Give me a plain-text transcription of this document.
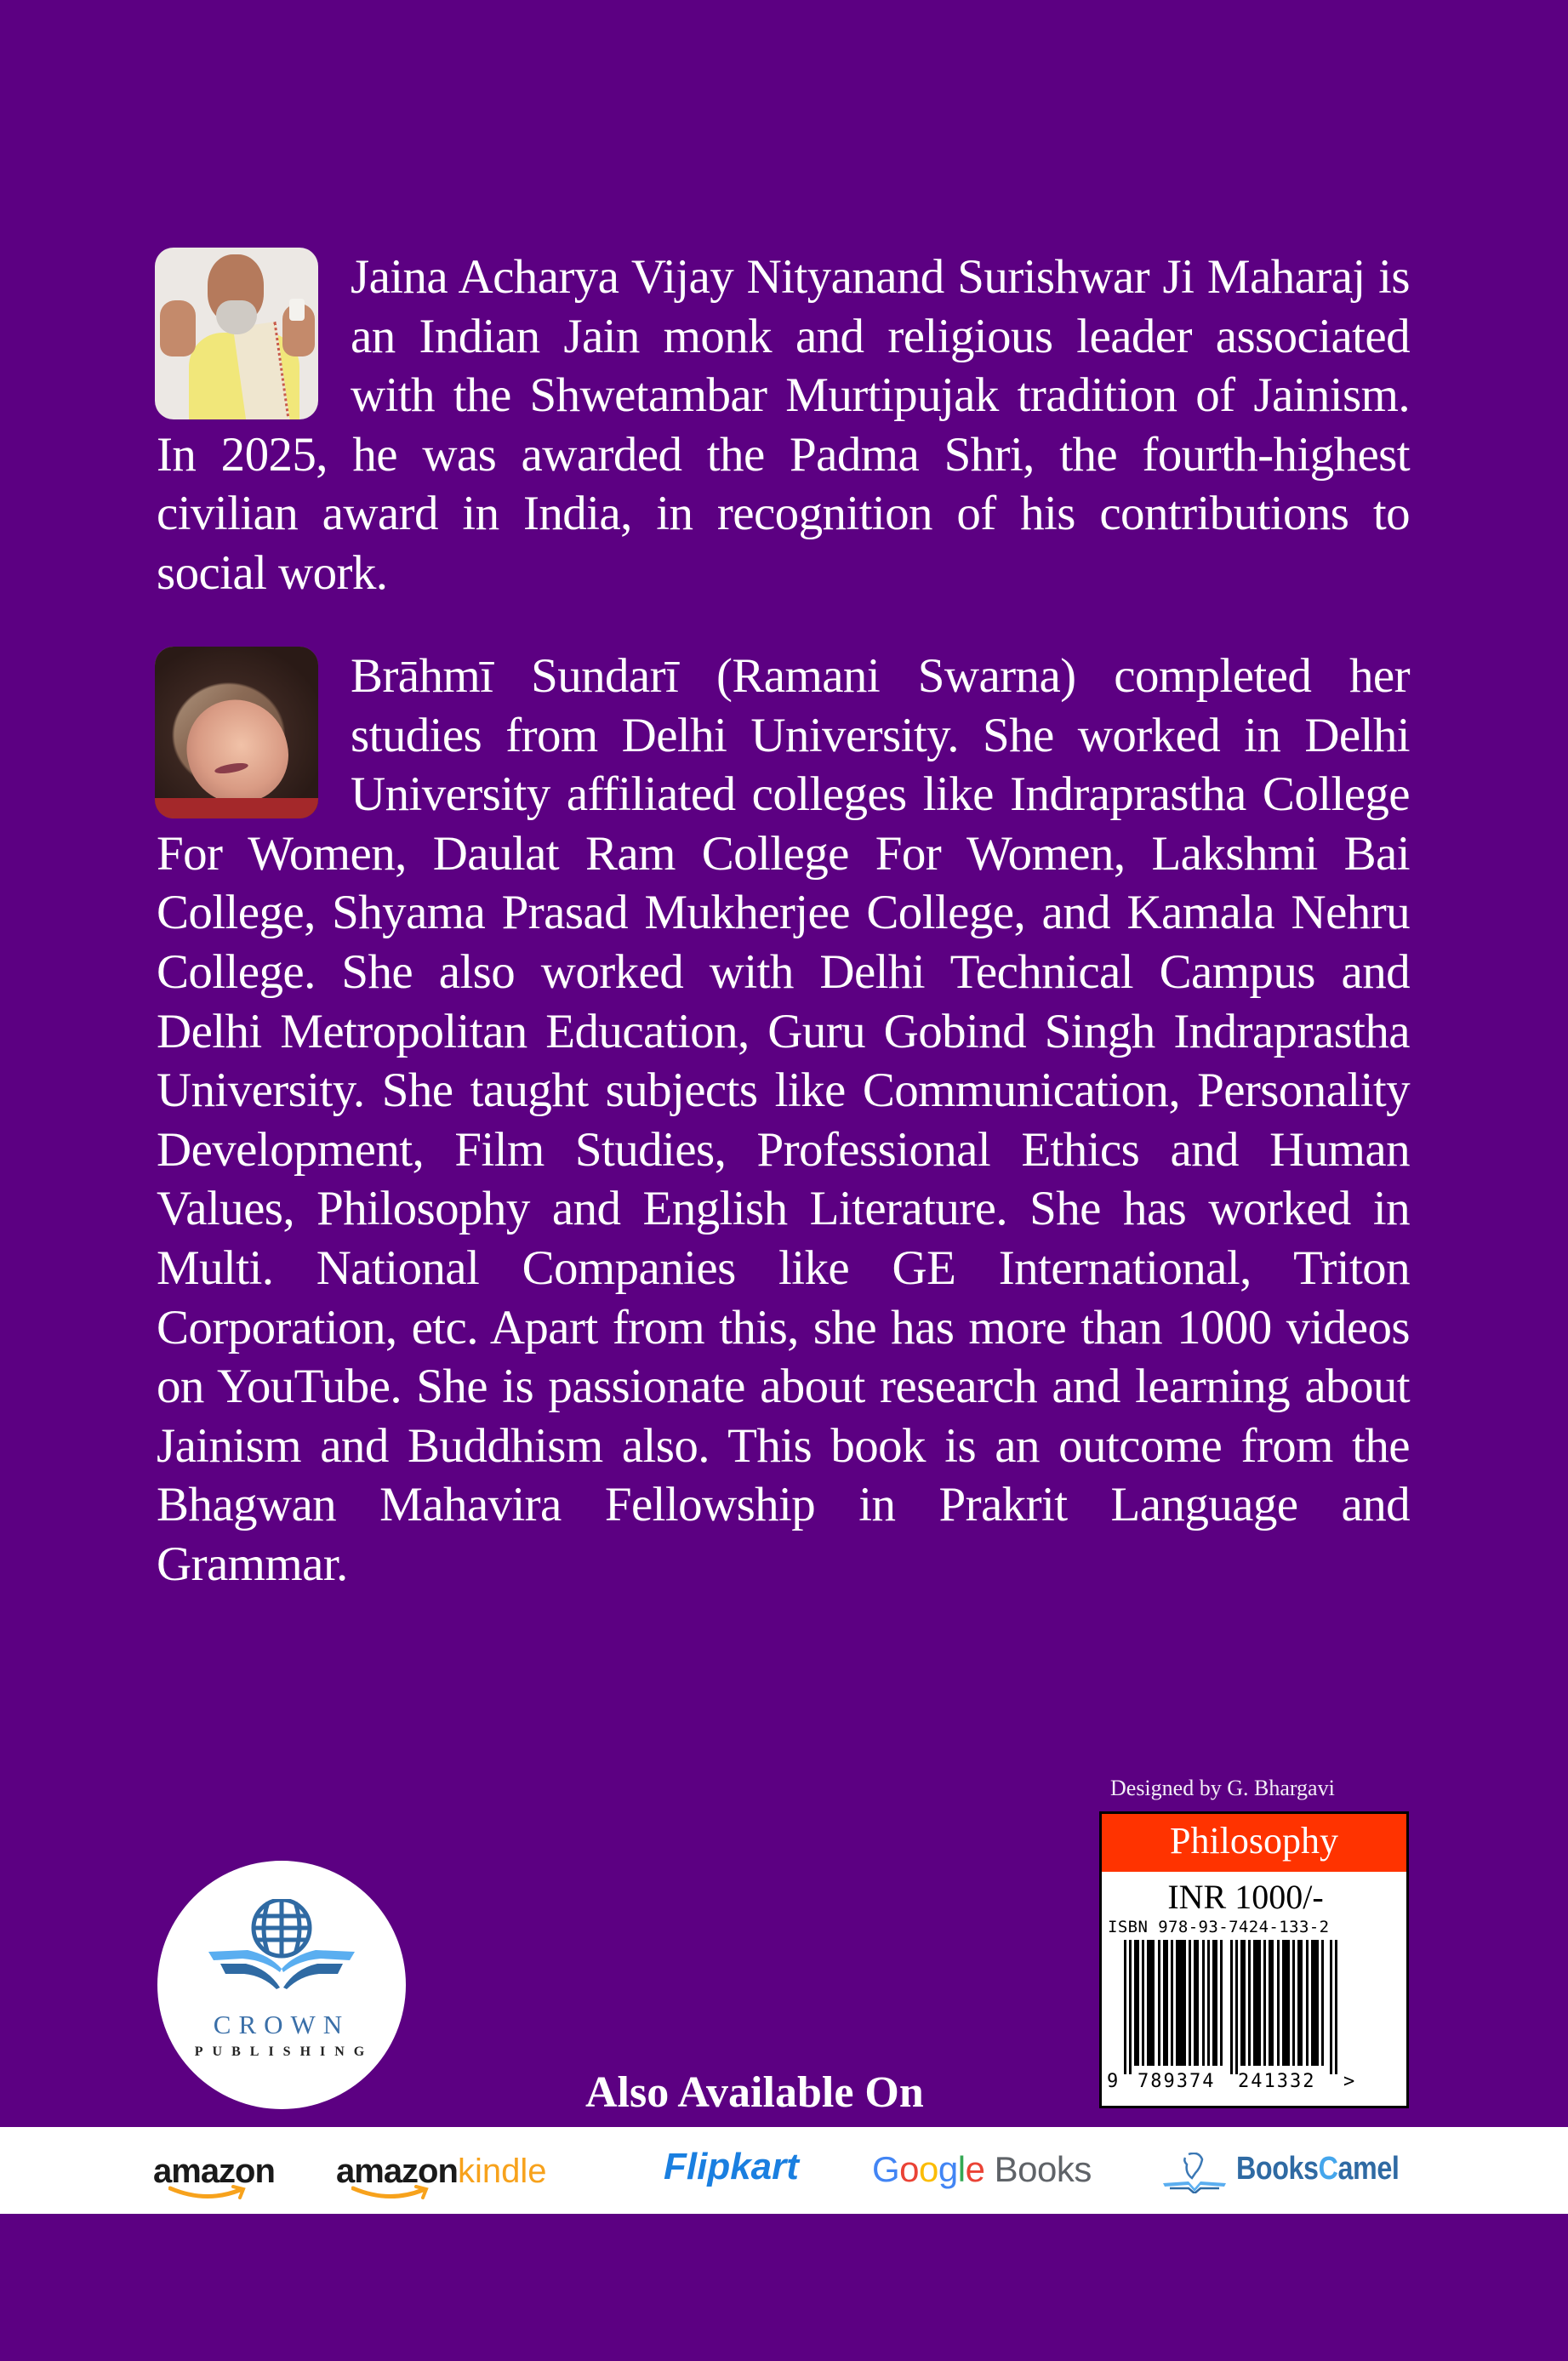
Jaina Acharya Vijay Nityanand Surishwar Ji Maharaj is an Indian Jain monk and religious leader associated with the Shwetambar Murtipujak tradition of Jainism. In 2025, he was awarded the Padma Shri, the fourth-highest civilian award in India, in recognition of his contributions to social work.

Brāhmī Sundarī (Ramani Swarna) completed her studies from Delhi University. She worked in Delhi University affiliated colleges like Indraprastha College For Women, Daulat Ram College For Women, Lakshmi Bai College, Shyama Prasad Mukherjee College, and Kamala Nehru College. She also worked with Delhi Technical Campus and Delhi Metropolitan Education, Guru Gobind Singh Indraprastha University. She taught subjects like Communication, Personality Development, Film Studies, Professional Ethics and Human Values, Philosophy and English Literature. She has worked in Multi. National Companies like GE International, Triton Corporation, etc. Apart from this, she has more than 1000 videos on YouTube. She is passionate about research and learning about Jainism and Buddhism also. This book is an outcome from the Bhagwan Mahavira Fellowship in Prakrit Language and Grammar.

CROWN
PUBLISHING
Also Available On
Designed by G. Bhargavi
Philosophy
INR 1000/-
ISBN 978-93-7424-133-2
9 789374 241332 >
amazon amazonkindle	Flipkart Google Books	BooksCamel
